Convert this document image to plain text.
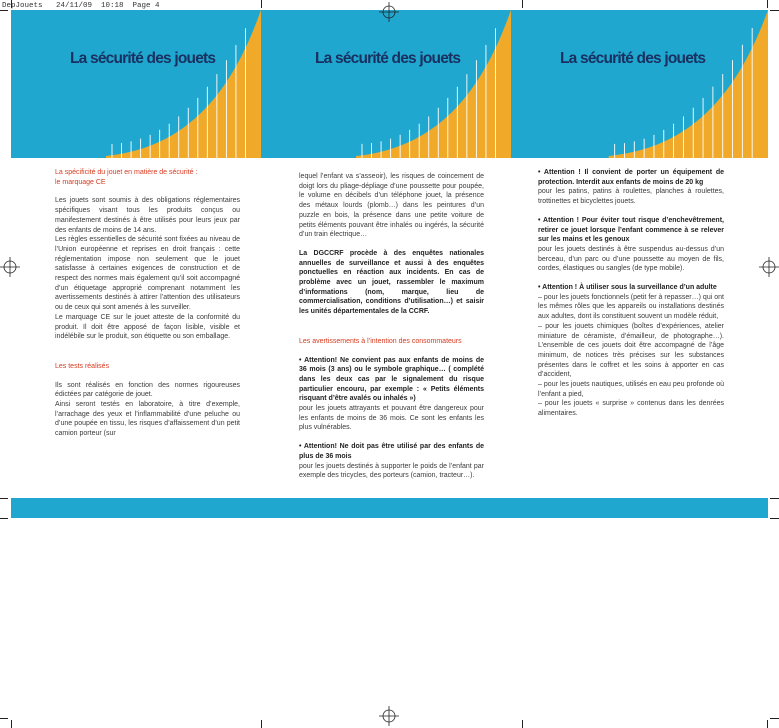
DepJouets   24/11/09  10:18  Page 4
La sécurité des jouets	La sécurité des jouets	La sécurité des jouets

La spécificité du jouet en matière de sécurité :

le marquage CE

Les jouets sont soumis à des obligations réglementaires spécifiques visant tous les produits conçus ou manifestement destinés à être utilisés pour leurs jeux par des enfants de moins de 14 ans.

Les règles essentielles de sécurité sont fixées au niveau de l’Union européenne et reprises en droit français : cette réglementation impose non seulement que le jouet satisfasse à certaines exigences de construction et de respect des normes mais également qu’il soit accompagné d’un étiquetage approprié comprenant notamment les avertissements destinés à attirer l’attention des utilisateurs ou de ceux qui sont amenés à les surveiller.

Le marquage CE sur le jouet atteste de la conformité du produit. Il doit être apposé de façon lisible, visible et indélébile sur le produit, son étiquette ou son emballage.

Les tests réalisés

Ils sont réalisés en fonction des normes rigoureuses édictées par catégorie de jouet.

Ainsi seront testés en laboratoire, à titre d’exemple, l’arrachage des yeux et l’inflammabilité d’une peluche ou d’une poupée en tissu, les risques d’affaissement d’un petit camion porteur (sur

lequel l’enfant va s’asseoir), les risques de coincement de doigt lors du pliage-dépliage d’une poussette pour poupée, le volume en décibels d’un téléphone jouet, la présence des métaux lourds (plomb…) dans les peintures d’un puzzle en bois, la présence dans une petite voiture de petits éléments pouvant être inhalés ou ingérés, la sécurité d’un train électrique…

La DGCCRF procède à des enquêtes nationales annuelles de surveillance et aussi à des enquêtes ponctuelles en réaction aux incidents. En cas de problème avec un jouet, rassembler le maximum d’informations (nom, marque, lieu de commercialisation, conditions d’utilisation…) et saisir les unités départementales de la CCRF.

Les avertissements à l’intention des consommateurs

• Attention! Ne convient pas aux enfants de moins de 36 mois (3 ans) ou le symbole graphique… ( complété dans les deux cas par le signalement du risque particulier encouru, par exemple : « Petits éléments risquant d’être avalés ou inhalés »)

pour les jouets attrayants et pouvant être dangereux pour les enfants de moins de 36 mois. Ce sont les enfants les plus vulnérables.

• Attention! Ne doit pas être utilisé par des enfants de plus de 36 mois

pour les jouets destinés à supporter le poids de l’enfant par exemple des tricycles, des porteurs (camion, tracteur…).

• Attention ! Il convient de porter un équipement de protection. Interdit aux enfants de moins de 20 kg

pour les patins, patins à roulettes, planches à roulettes, trottinettes et bicyclettes jouets.

• Attention ! Pour éviter tout risque d’enchevêtrement, retirer ce jouet lorsque l’enfant commence à se relever sur les mains et les genoux

pour les jouets destinés à être suspendus au-dessus d’un berceau, d’un parc ou d’une poussette au moyen de fils, cordes, élastiques ou sangles (de type mobile).

• Attention ! À utiliser sous la surveillance d’un adulte

– pour les jouets fonctionnels (petit fer à repasser…) qui ont les mêmes rôles que les appareils ou installations destinés aux adultes, dont ils constituent souvent un modèle réduit,

– pour les jouets chimiques (boîtes d’expériences, atelier miniature de céramiste, d’émailleur, de photographe…). L’ensemble de ces jouets doit être accompagné de l’âge minimum, de notices très précises sur les substances présentes dans le coffret et les soins à apporter en cas d’accident,

– pour les jouets nautiques, utilisés en eau peu profonde où l’enfant a pied,

– pour les jouets « surprise » contenus dans les denrées alimentaires.
